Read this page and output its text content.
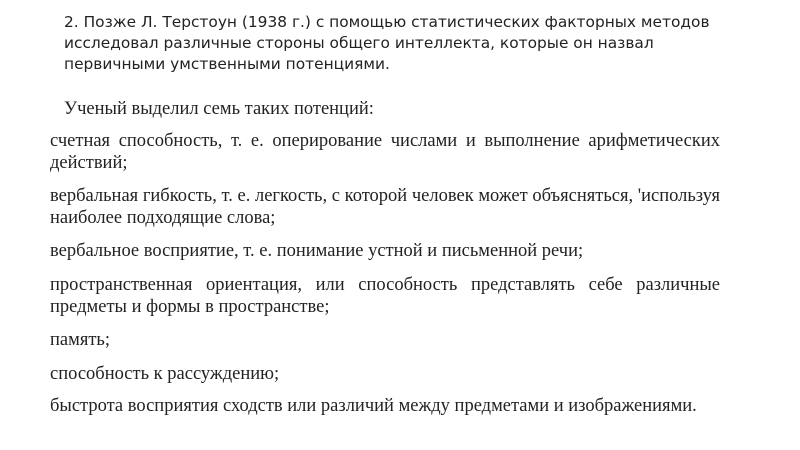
2. Позже Л. Терстоун (1938 г.) с помощью статистических факторных методов исследовал различные стороны общего интеллекта, которые он назвал первичными умственными потенциями.

Ученый выделил семь таких потенций:

счетная способность, т. е. оперирование числами и выполнение арифметических действий;

вербальная гибкость, т. е. легкость, с которой человек может объясняться, 'используя наиболее подходящие слова;

вербальное восприятие, т. е. понимание устной и письменной речи;

пространственная ориентация, или способность представлять себе различные предметы и формы в пространстве;

память;

способность к рассуждению;

быстрота восприятия сходств или различий между предметами и изображениями.
